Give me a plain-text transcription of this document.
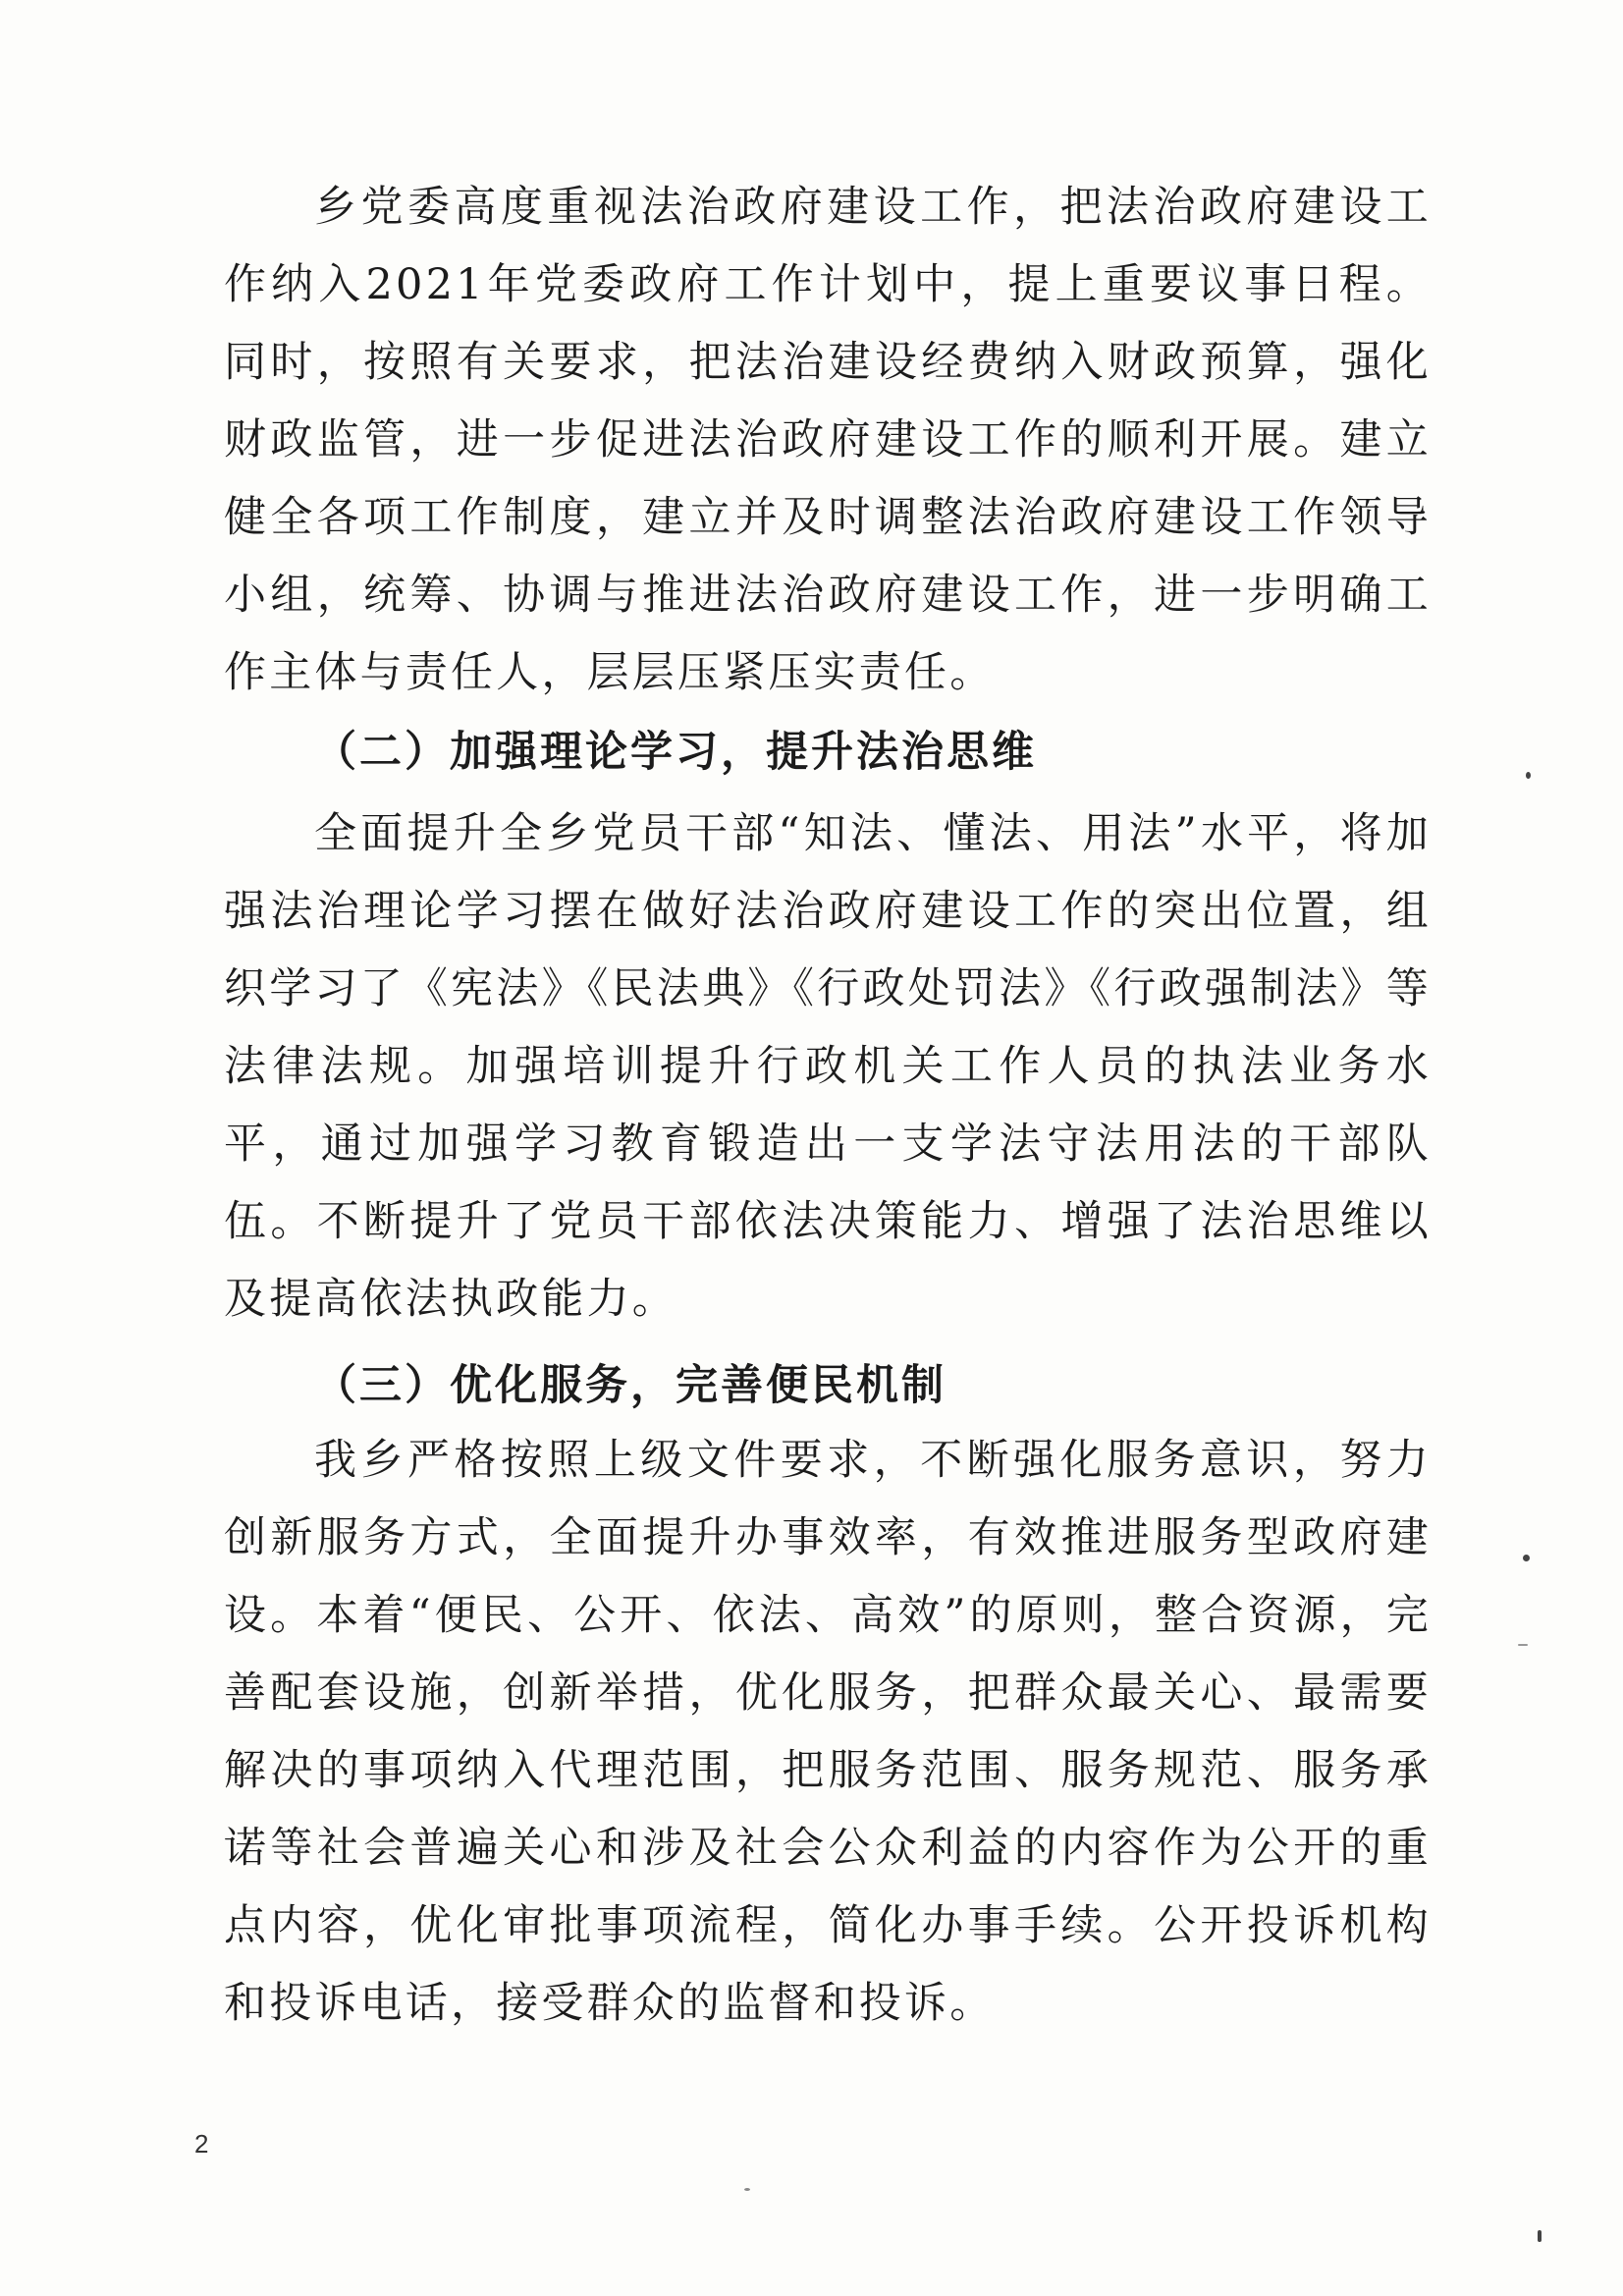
乡党委高度重视法治政府建设工作，把法治政府建设工作纳入2021年党委政府工作计划中，提上重要议事日程。同时，按照有关要求，把法治建设经费纳入财政预算，强化财政监管，进一步促进法治政府建设工作的顺利开展。建立健全各项工作制度，建立并及时调整法治政府建设工作领导小组，统筹、协调与推进法治政府建设工作，进一步明确工作主体与责任人，层层压紧压实责任。

（二）加强理论学习，提升法治思维

全面提升全乡党员干部“知法、懂法、用法”水平，将加强法治理论学习摆在做好法治政府建设工作的突出位置，组织学习了《宪法》《民法典》《行政处罚法》《行政强制法》等法律法规。加强培训提升行政机关工作人员的执法业务水平，通过加强学习教育锻造出一支学法守法用法的干部队伍。不断提升了党员干部依法决策能力、增强了法治思维以及提高依法执政能力。

（三）优化服务，完善便民机制

我乡严格按照上级文件要求，不断强化服务意识，努力创新服务方式，全面提升办事效率，有效推进服务型政府建设。本着“便民、公开、依法、高效”的原则，整合资源，完善配套设施，创新举措，优化服务，把群众最关心、最需要解决的事项纳入代理范围，把服务范围、服务规范、服务承诺等社会普遍关心和涉及社会公众利益的内容作为公开的重点内容，优化审批事项流程，简化办事手续。公开投诉机构和投诉电话，接受群众的监督和投诉。

2
